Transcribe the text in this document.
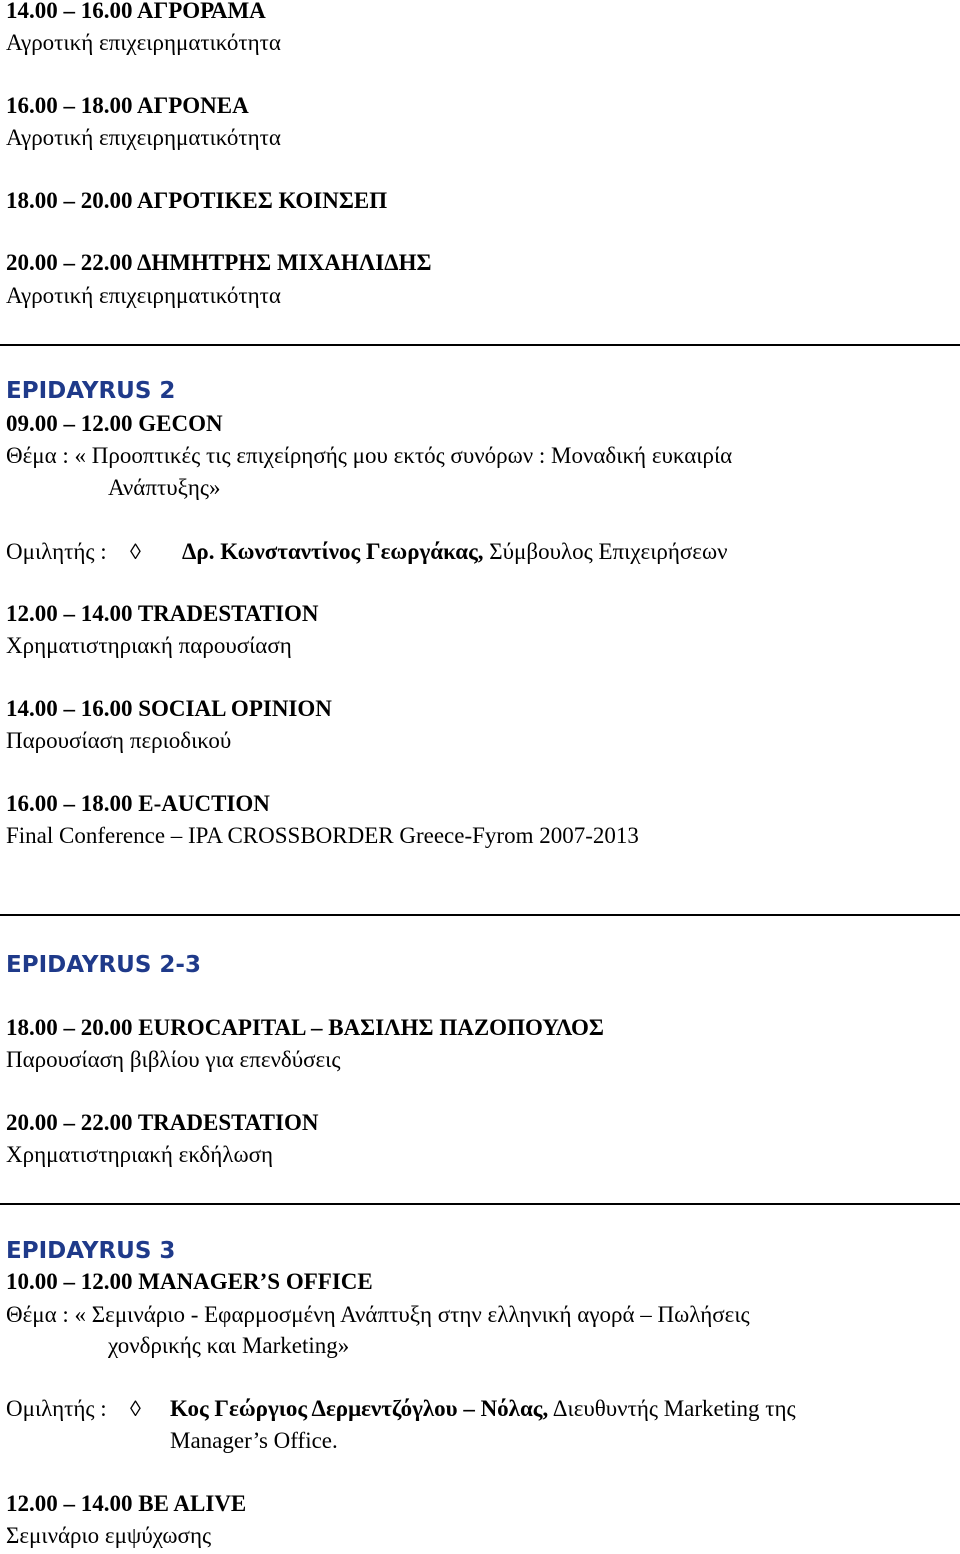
14.00 – 16.00 ΑΓΡΟΡΑΜΑ
Αγροτική επιχειρηματικότητα
16.00 – 18.00 ΑΓΡΟΝΕΑ
Αγροτική επιχειρηματικότητα
18.00 – 20.00 ΑΓΡΟΤΙΚΕΣ ΚΟΙΝΣΕΠ
20.00 – 22.00 ΔΗΜΗΤΡΗΣ ΜΙΧΑΗΛΙΔΗΣ
Αγροτική επιχειρηματικότητα
EPIDAYRUS 2
09.00 – 12.00 GECON
Θέμα : « Προοπτικές τις επιχείρησής μου εκτός συνόρων : Μοναδική ευκαιρία
Ανάπτυξης»
Ομιλητής : ◊ Δρ. Κωνσταντίνος Γεωργάκας, Σύμβουλος Επιχειρήσεων
12.00 – 14.00 TRADESTATION
Χρηματιστηριακή παρουσίαση
14.00 – 16.00 SOCIAL OPINION
Παρουσίαση περιοδικού
16.00 – 18.00 E-AUCTION
Final Conference – IPA CROSSBORDER Greece-Fyrom 2007-2013
EPIDAYRUS 2-3
18.00 – 20.00 EUROCAPITAL – ΒΑΣΙΛΗΣ ΠΑΖΟΠΟΥΛΟΣ
Παρουσίαση βιβλίου για επενδύσεις
20.00 – 22.00 TRADESTATION
Χρηματιστηριακή εκδήλωση
EPIDAYRUS 3
10.00 – 12.00 MANAGER’S OFFICE
Θέμα : « Σεμινάριο - Εφαρμοσμένη Ανάπτυξη στην ελληνική αγορά – Πωλήσεις
χονδρικής και Marketing»
Ομιλητής : ◊ Κος Γεώργιος Δερμεντζόγλου – Νόλας, Διευθυντής Marketing της
Manager’s Office.
12.00 – 14.00 BE ALIVE
Σεμινάριο εμψύχωσης
